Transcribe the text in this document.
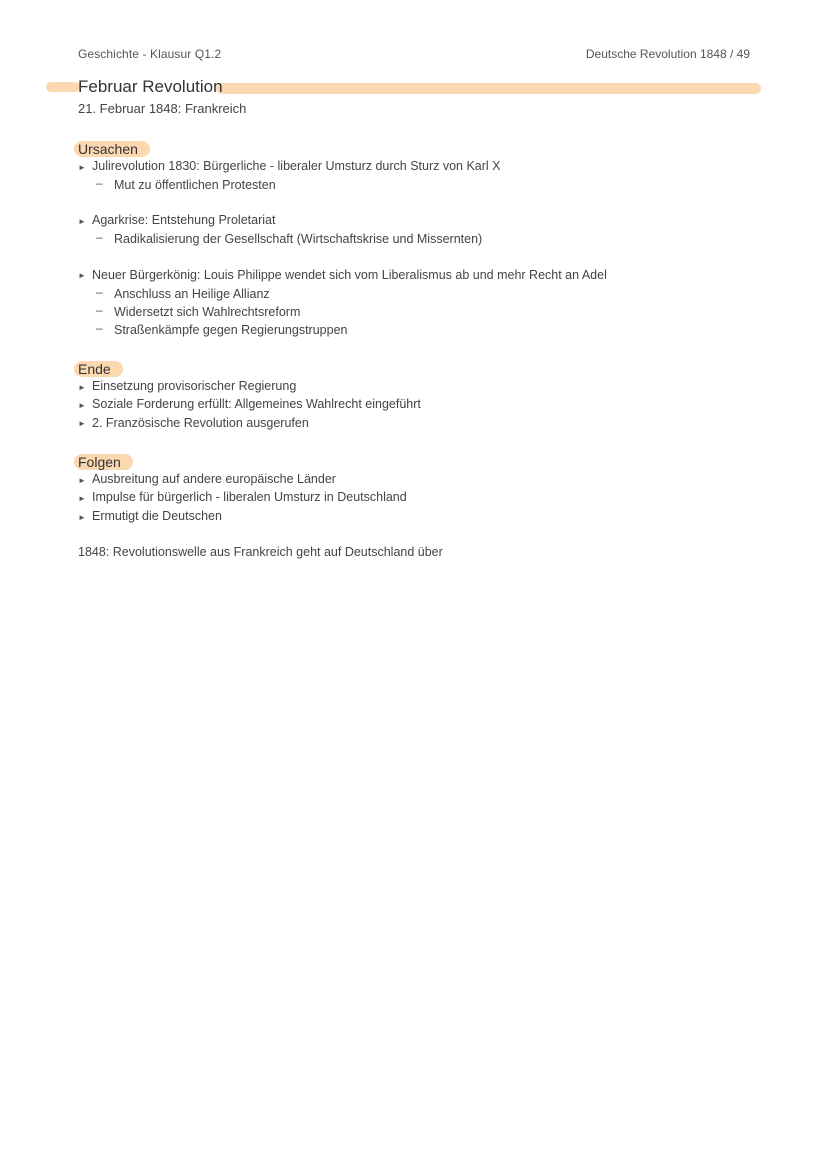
Geschichte - Klausur Q1.2	Deutsche Revolution 1848 / 49
Februar Revolution
21. Februar 1848: Frankreich
Ursachen
► Julirevolution 1830: Bürgerliche - liberaler Umsturz durch Sturz von Karl X
– Mut zu öffentlichen Protesten
► Agarkrise: Entstehung Proletariat
– Radikalisierung der Gesellschaft (Wirtschaftskrise und Missernten)
► Neuer Bürgerkönig: Louis Philippe wendet sich vom Liberalismus ab und mehr Recht an Adel
– Anschluss an Heilige Allianz
– Widersetzt sich Wahlrechtsreform
– Straßenkämpfe gegen Regierungstruppen
Ende
► Einsetzung provisorischer Regierung
► Soziale Forderung erfüllt: Allgemeines Wahlrecht eingeführt
► 2. Französische Revolution ausgerufen
Folgen
► Ausbreitung auf andere europäische Länder
► Impulse für bürgerlich - liberalen Umsturz in Deutschland
► Ermutigt die Deutschen
1848: Revolutionswelle aus Frankreich geht auf Deutschland über
